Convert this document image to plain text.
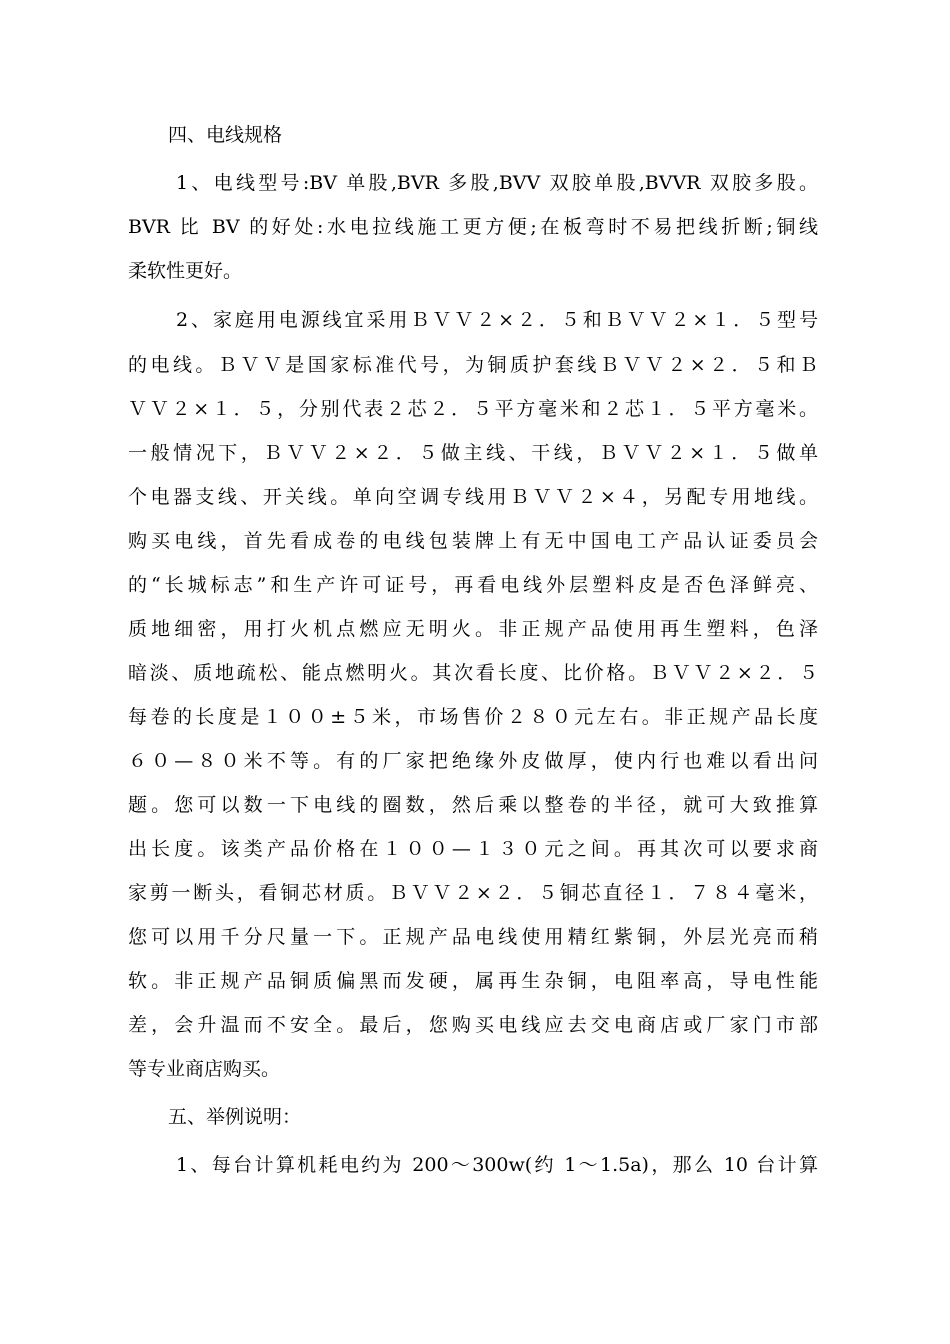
四、电线规格
1、电线型号:BV 单股,BVR 多股,BVV 双胶单股,BVVR 双胶多股。
BVR 比 BV 的好处:水电拉线施工更方便;在板弯时不易把线折断;铜线
柔软性更好。
2、家庭用电源线宜采用ＢＶＶ２×２．５和ＢＶＶ２×１．５型号
的电线。ＢＶＶ是国家标准代号，为铜质护套线ＢＶＶ２×２．５和Ｂ
ＶＶ２×１．５，分别代表２芯２．５平方毫米和２芯１．５平方毫米。
一般情况下，ＢＶＶ２×２．５做主线、干线，ＢＶＶ２×１．５做单
个电器支线、开关线。单向空调专线用ＢＶＶ２×４，另配专用地线。
购买电线，首先看成卷的电线包装牌上有无中国电工产品认证委员会
的“长城标志”和生产许可证号，再看电线外层塑料皮是否色泽鲜亮、
质地细密，用打火机点燃应无明火。非正规产品使用再生塑料，色泽
暗淡、质地疏松、能点燃明火。其次看长度、比价格。ＢＶＶ２×２．５
每卷的长度是１００±５米，市场售价２８０元左右。非正规产品长度
６０—８０米不等。有的厂家把绝缘外皮做厚，使内行也难以看出问
题。您可以数一下电线的圈数，然后乘以整卷的半径，就可大致推算
出长度。该类产品价格在１００—１３０元之间。再其次可以要求商
家剪一断头，看铜芯材质。ＢＶＶ２×２．５铜芯直径１．７８４毫米，
您可以用千分尺量一下。正规产品电线使用精红紫铜，外层光亮而稍
软。非正规产品铜质偏黑而发硬，属再生杂铜，电阻率高，导电性能
差，会升温而不安全。最后，您购买电线应去交电商店或厂家门市部
等专业商店购买。
五、举例说明：
1、每台计算机耗电约为 200～300w(约 1～1.5a)，那么 10 台计算
